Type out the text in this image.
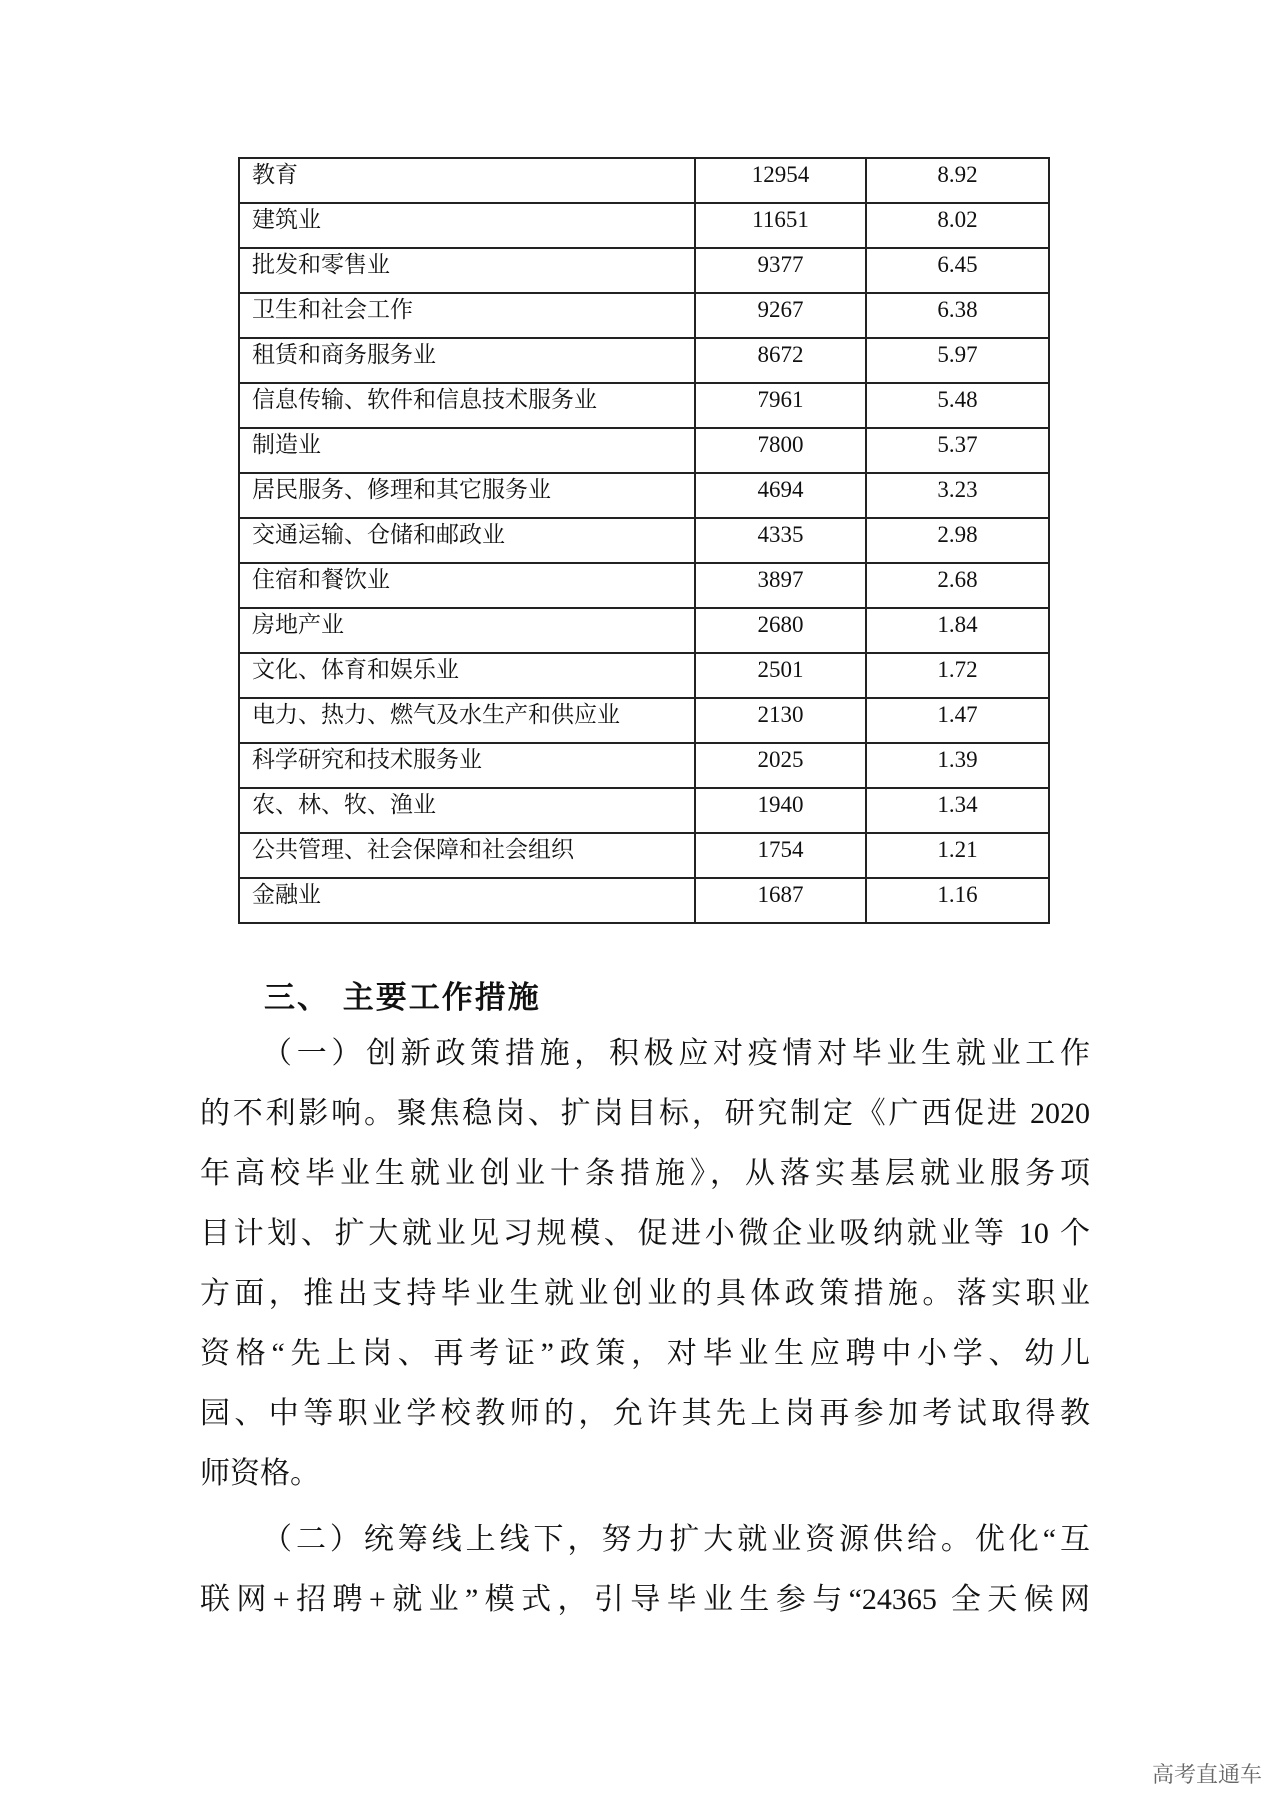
教育	12954	8.92
建筑业	11651	8.02
批发和零售业	9377	6.45
卫生和社会工作	9267	6.38
租赁和商务服务业	8672	5.97
信息传输、软件和信息技术服务业	7961	5.48
制造业	7800	5.37
居民服务、修理和其它服务业	4694	3.23
交通运输、仓储和邮政业	4335	2.98
住宿和餐饮业	3897	2.68
房地产业	2680	1.84
文化、体育和娱乐业	2501	1.72
电力、热力、燃气及水生产和供应业	2130	1.47
科学研究和技术服务业	2025	1.39
农、林、牧、渔业	1940	1.34
公共管理、社会保障和社会组织	1754	1.21
金融业	1687	1.16
三、 主要工作措施
（一）创新政策措施，积极应对疫情对毕业生就业工作
的不利影响。聚焦稳岗、扩岗目标，研究制定《广西促进 2020
年高校毕业生就业创业十条措施》，从落实基层就业服务项
目计划、扩大就业见习规模、促进小微企业吸纳就业等 10 个
方面，推出支持毕业生就业创业的具体政策措施。落实职业
资格“先上岗、再考证”政策，对毕业生应聘中小学、幼儿
园、中等职业学校教师的，允许其先上岗再参加考试取得教
师资格。
（二）统筹线上线下，努力扩大就业资源供给。优化“互
联网+招聘+就业”模式，引导毕业生参与“24365 全天候网
高考直通车
